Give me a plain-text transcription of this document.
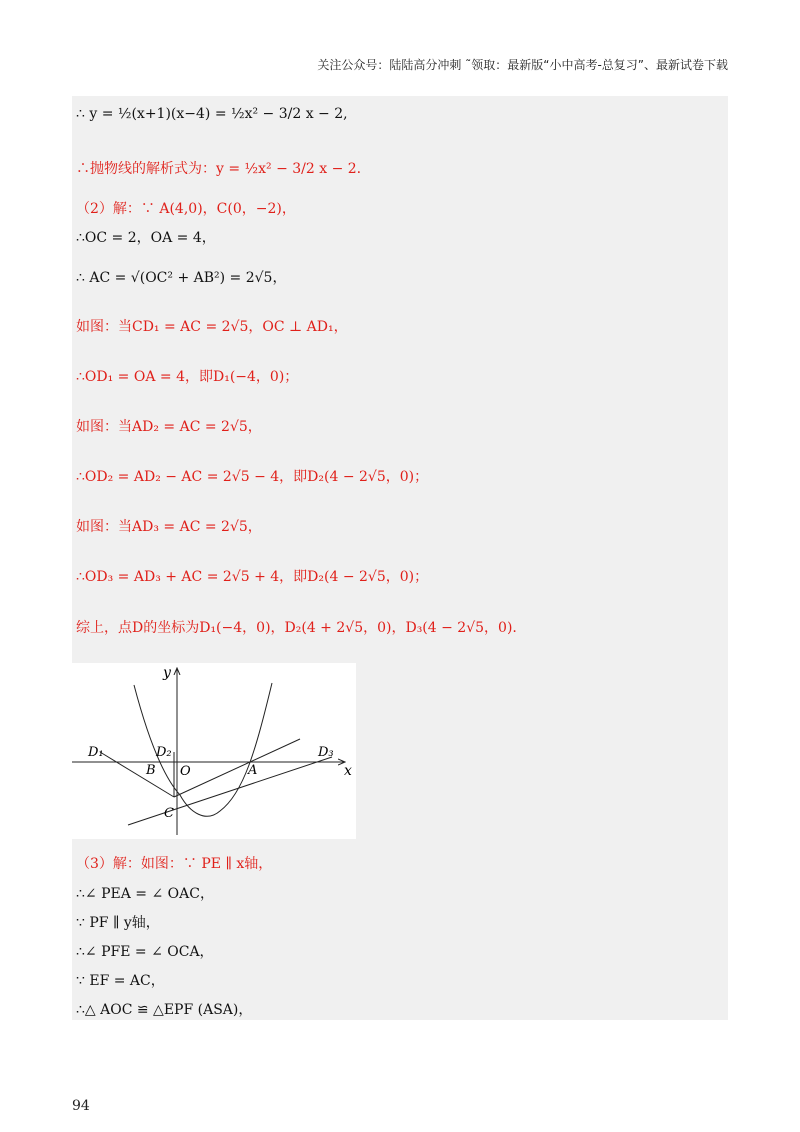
关注公众号：陆陆高分冲刺 ˜领取：最新版“小中高考-总复习”、最新试卷下载
∴ y = ½(x+1)(x−4) = ½x² − 3/2 x − 2,
∴抛物线的解析式为：y = ½x² − 3/2 x − 2.
（2）解：∵ A(4,0)，C(0，−2)，
∴OC = 2，OA = 4，
∴ AC = √(OC² + AB²) = 2√5，
如图：当CD₁ = AC = 2√5，OC ⊥ AD₁，
∴OD₁ = OA = 4，即D₁(−4，0)；
如图：当AD₂ = AC = 2√5，
∴OD₂ = AD₂ − AC = 2√5 − 4，即D₂(4 − 2√5，0)；
如图：当AD₃ = AC = 2√5，
∴OD₃ = AD₃ + AC = 2√5 + 4，即D₂(4 − 2√5，0)；
综上，点D的坐标为D₁(−4，0)，D₂(4 + 2√5，0)，D₃(4 − 2√5，0).
（3）解：如图：∵ PE ∥ x轴，
∴∠ PEA = ∠ OAC，
∵ PF ∥ y轴，
∴∠ PFE = ∠ OCA，
∵ EF = AC，
∴△ AOC ≌ △EPF (ASA)，
y
x
O	A
B
C
D₁	D₂	D₃
94
